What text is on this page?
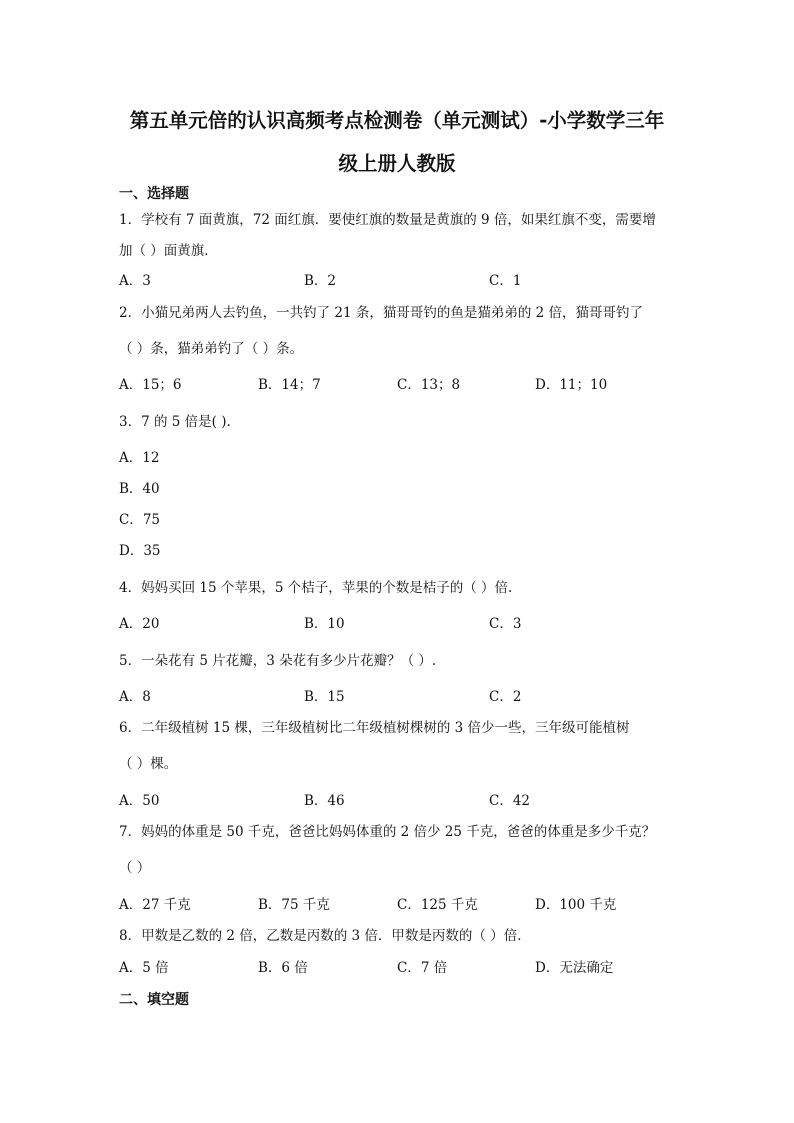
第五单元倍的认识高频考点检测卷（单元测试）-小学数学三年
级上册人教版
一、选择题
1．学校有 7 面黄旗，72 面红旗．要使红旗的数量是黄旗的 9 倍，如果红旗不变，需要增
加（ ）面黄旗．
A．3	B．2	C．1
2．小猫兄弟两人去钓鱼，一共钓了 21 条，猫哥哥钓的鱼是猫弟弟的 2 倍，猫哥哥钓了
（ ）条，猫弟弟钓了（ ）条。
A．15；6	B．14；7	C．13；8	D．11；10
3．7 的 5 倍是( ).
A．12
B．40
C．75
D．35
4．妈妈买回 15 个苹果，5 个桔子，苹果的个数是桔子的（ ）倍.
A．20	B．10	C．3
5．一朵花有 5 片花瓣，3 朵花有多少片花瓣？（ ）.
A．8	B．15	C．2
6．二年级植树 15 棵，三年级植树比二年级植树棵树的 3 倍少一些，三年级可能植树
（ ）棵。
A．50	B．46	C．42
7．妈妈的体重是 50 千克，爸爸比妈妈体重的 2 倍少 25 千克，爸爸的体重是多少千克？
（ ）
A．27 千克	B．75 千克	C．125 千克	D．100 千克
8．甲数是乙数的 2 倍，乙数是丙数的 3 倍．甲数是丙数的（ ）倍．
A．5 倍	B．6 倍	C．7 倍	D．无法确定
二、填空题
